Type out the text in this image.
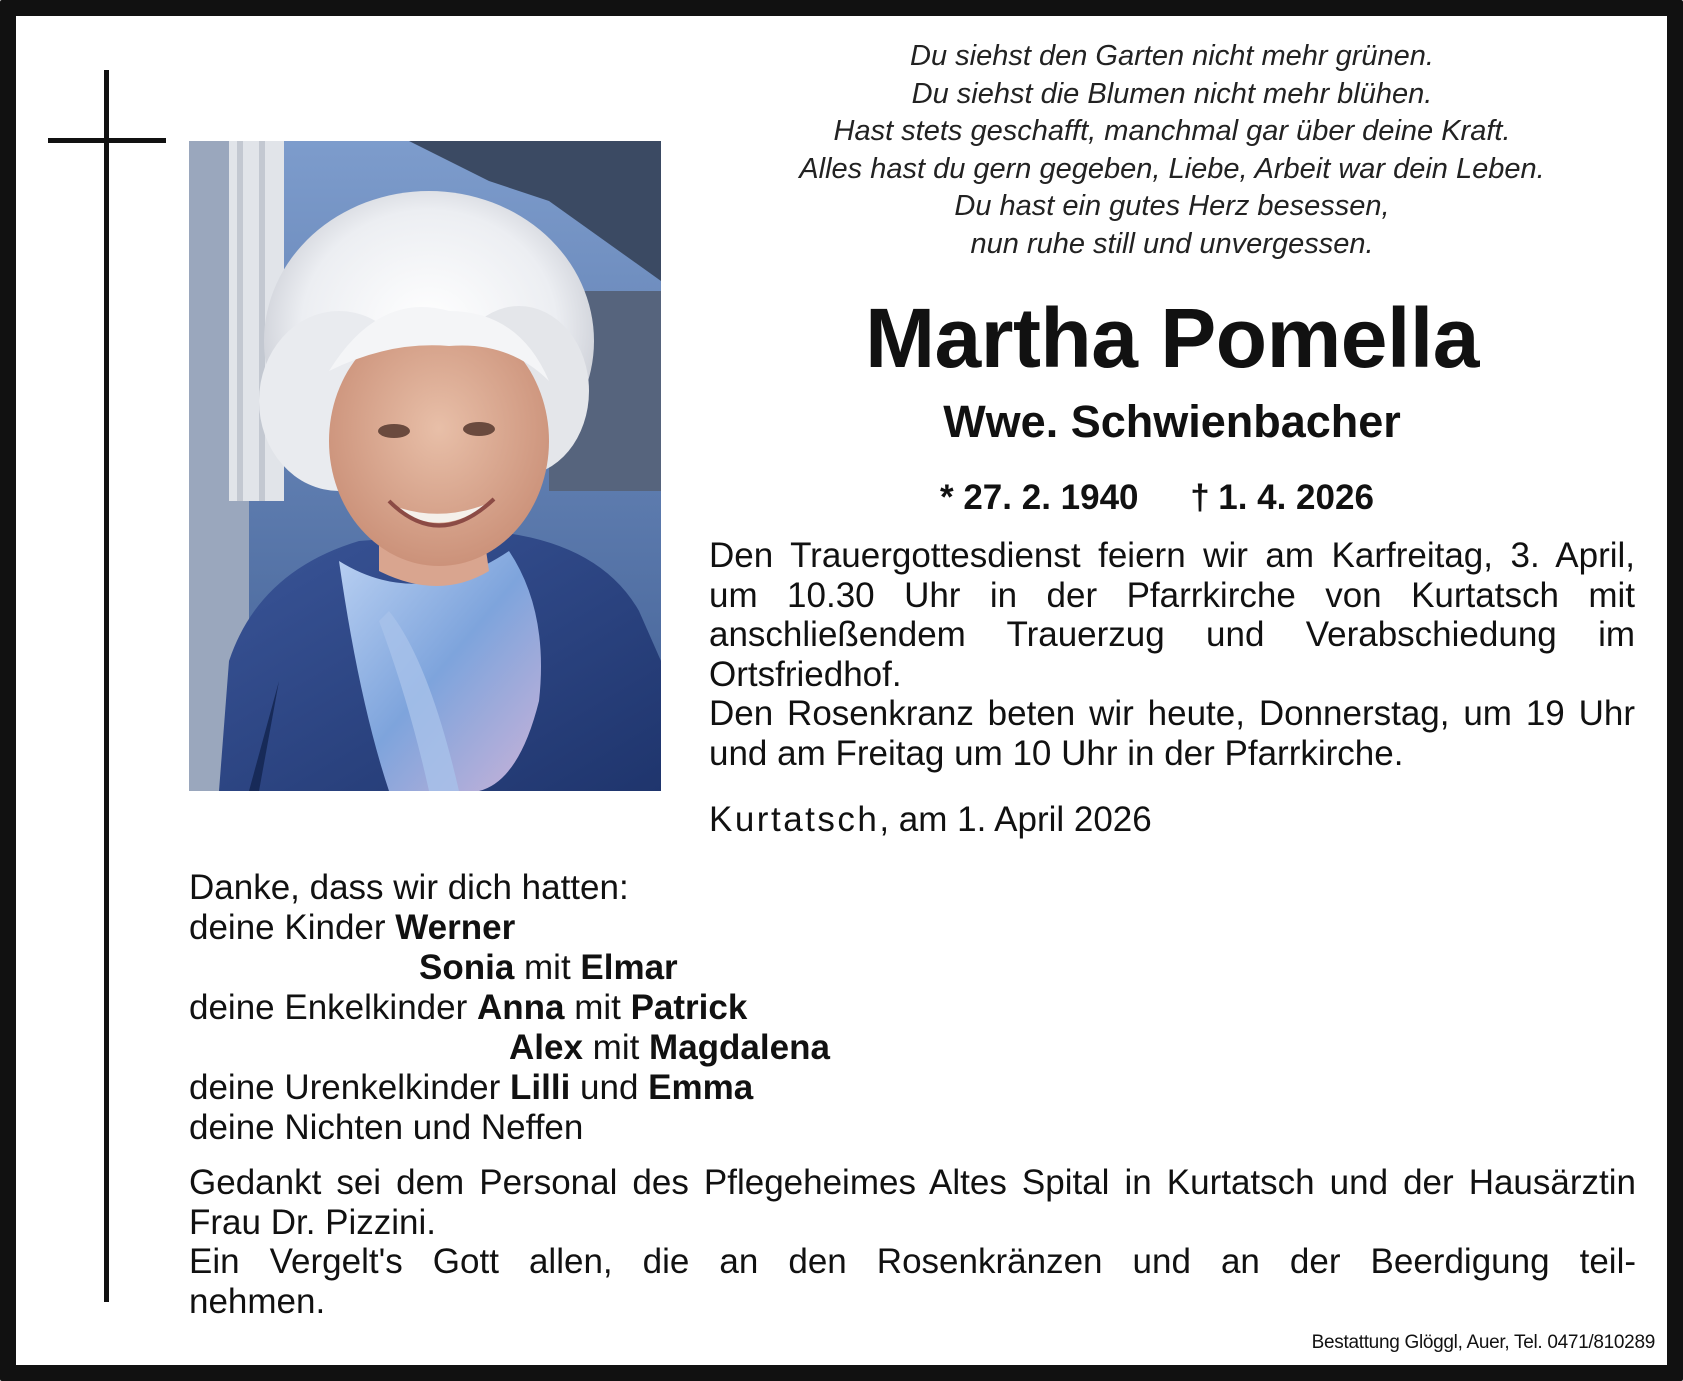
Du siehst den Garten nicht mehr grünen.
Du siehst die Blumen nicht mehr blühen.
Hast stets geschafft, manchmal gar über deine Kraft.
Alles hast du gern gegeben, Liebe, Arbeit war dein Leben.
Du hast ein gutes Herz besessen,
nun ruhe still und unvergessen.
Martha Pomella
Wwe. Schwienbacher
* 27. 2. 1940 † 1. 4. 2026
Den Trauergottesdienst feiern wir am Karfreitag, 3. April, um 10.30 Uhr in der Pfarrkirche von Kurtatsch mit anschließendem Trauerzug und Verabschiedung im Ortsfriedhof.
Den Rosenkranz beten wir heute, Donnerstag, um 19 Uhr und am Freitag um 10 Uhr in der Pfarrkirche.
Kurtatsch, am 1. April 2026
Danke, dass wir dich hatten:
deine Kinder Werner
Sonia mit Elmar
deine Enkelkinder Anna mit Patrick
Alex mit Magdalena
deine Urenkelkinder Lilli und Emma
deine Nichten und Neffen
Gedankt sei dem Personal des Pflegeheimes Altes Spital in Kurtatsch und der Hausärztin Frau Dr. Pizzini.
Ein Vergelt's Gott allen, die an den Rosenkränzen und an der Beerdigung teil-
nehmen.
Bestattung Glöggl, Auer, Tel. 0471/810289
